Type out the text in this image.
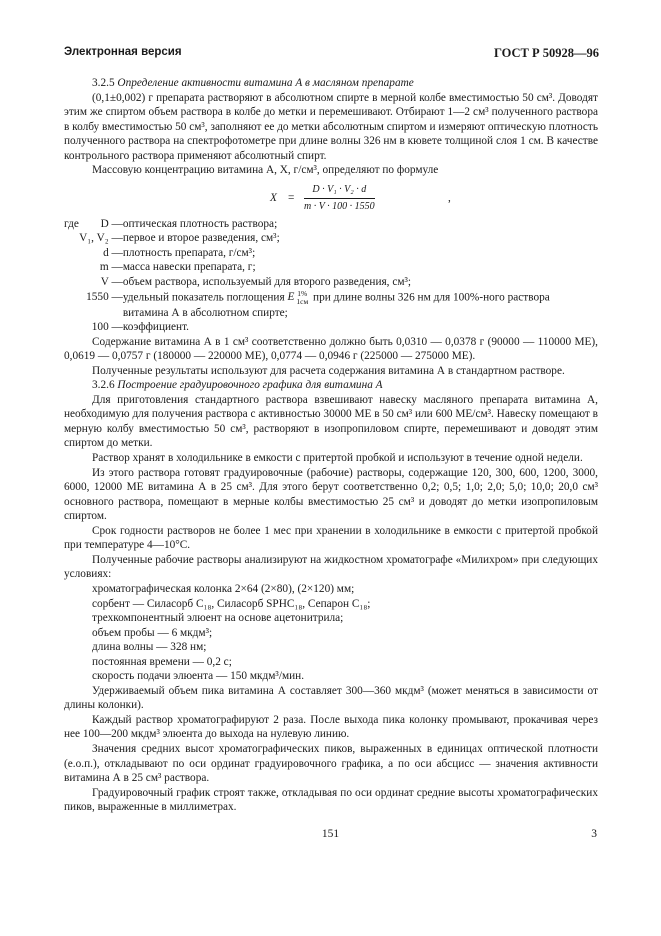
Электронная версия	ГОСТ Р 50928—96

3.2.5 Определение активности витамина А в масляном препарате

(0,1±0,002) г препарата растворяют в абсолютном спирте в мерной колбе вместимостью 50 см³. Доводят этим же спиртом объем раствора в колбе до метки и перемешивают. Отбирают 1—2 см³ полученного раствора в колбу вместимостью 50 см³, заполняют ее до метки абсолютным спиртом и измеряют оптическую плотность полученного раствора на спектрофотометре при длине волны 326 нм в кювете толщиной слоя 1 см. В качестве контрольного раствора применяют абсолютный спирт.

Массовую концентрацию витамина А, X, г/см³, определяют по формуле

$X = \frac{\text{D · V₁ · V₂ · d}}{m \cdot V \cdot 100 \cdot 1550}$	,
где	D —	оптическая плотность раствора;
V₁, V₂ —		первое и второе разведения, см³;
d —		плотность препарата, г/см³;
m —		масса навески препарата, г;
V —		объем раствора, используемый для второго разведения, см³;
1550 —		удельный показатель поглощения E 1%
1см при длине волны 326 нм для 100%-ного раствора витамина А в абсолютном спирте;
100 —		коэффициент.

Содержание витамина А в 1 см³ соответственно должно быть 0,0310 — 0,0378 г (90000 — 110000 МЕ), 0,0619 — 0,0757 г (180000 — 220000 МЕ), 0,0774 — 0,0946 г (225000 — 275000 МЕ).

Полученные результаты используют для расчета содержания витамина А в стандартном растворе.

3.2.6 Построение градуировочного графика для витамина А

Для приготовления стандартного раствора взвешивают навеску масляного препарата витамина А, необходимую для получения раствора с активностью 30000 МЕ в 50 см³ или 600 МЕ/см³. Навеску помещают в мерную колбу вместимостью 50 см³, растворяют в изопропиловом спирте, перемешивают и доводят этим спиртом до метки.

Раствор хранят в холодильнике в емкости с притертой пробкой и используют в течение одной недели.

Из этого раствора готовят градуировочные (рабочие) растворы, содержащие 120, 300, 600, 1200, 3000, 6000, 12000 МЕ витамина А в 25 см³. Для этого берут соответственно 0,2; 0,5; 1,0; 2,0; 5,0; 10,0; 20,0 см³ основного раствора, помещают в мерные колбы вместимостью 25 см³ и доводят до метки изопропиловым спиртом.

Срок годности растворов не более 1 мес при хранении в холодильнике в емкости с притертой пробкой при температуре 4—10°С.

Полученные рабочие растворы анализируют на жидкостном хроматографе «Милихром» при следующих условиях:

хроматографическая колонка 2×64 (2×80), (2×120) мм;

сорбент — Силасорб С₁₈, Силасорб SPHC₁₈, Сепарон С₁₈;

трехкомпонентный элюент на основе ацетонитрила;

объем пробы — 6 мкдм³;

длина волны — 328 нм;

постоянная времени — 0,2 с;

скорость подачи элюента — 150 мкдм³/мин.

Удерживаемый объем пика витамина А составляет 300—360 мкдм³ (может меняться в зависимости от длины колонки).

Каждый раствор хроматографируют 2 раза. После выхода пика колонку промывают, прокачивая через нее 100—200 мкдм³ элюента до выхода на нулевую линию.

Значения средних высот хроматографических пиков, выраженных в единицах оптической плотности (е.о.п.), откладывают по оси ординат градуировочного графика, а по оси абсцисс — значения активности витамина А в 25 см³ раствора.

Градуировочный график строят также, откладывая по оси ординат средние высоты хроматографических пиков, выраженные в миллиметрах.

151	3
